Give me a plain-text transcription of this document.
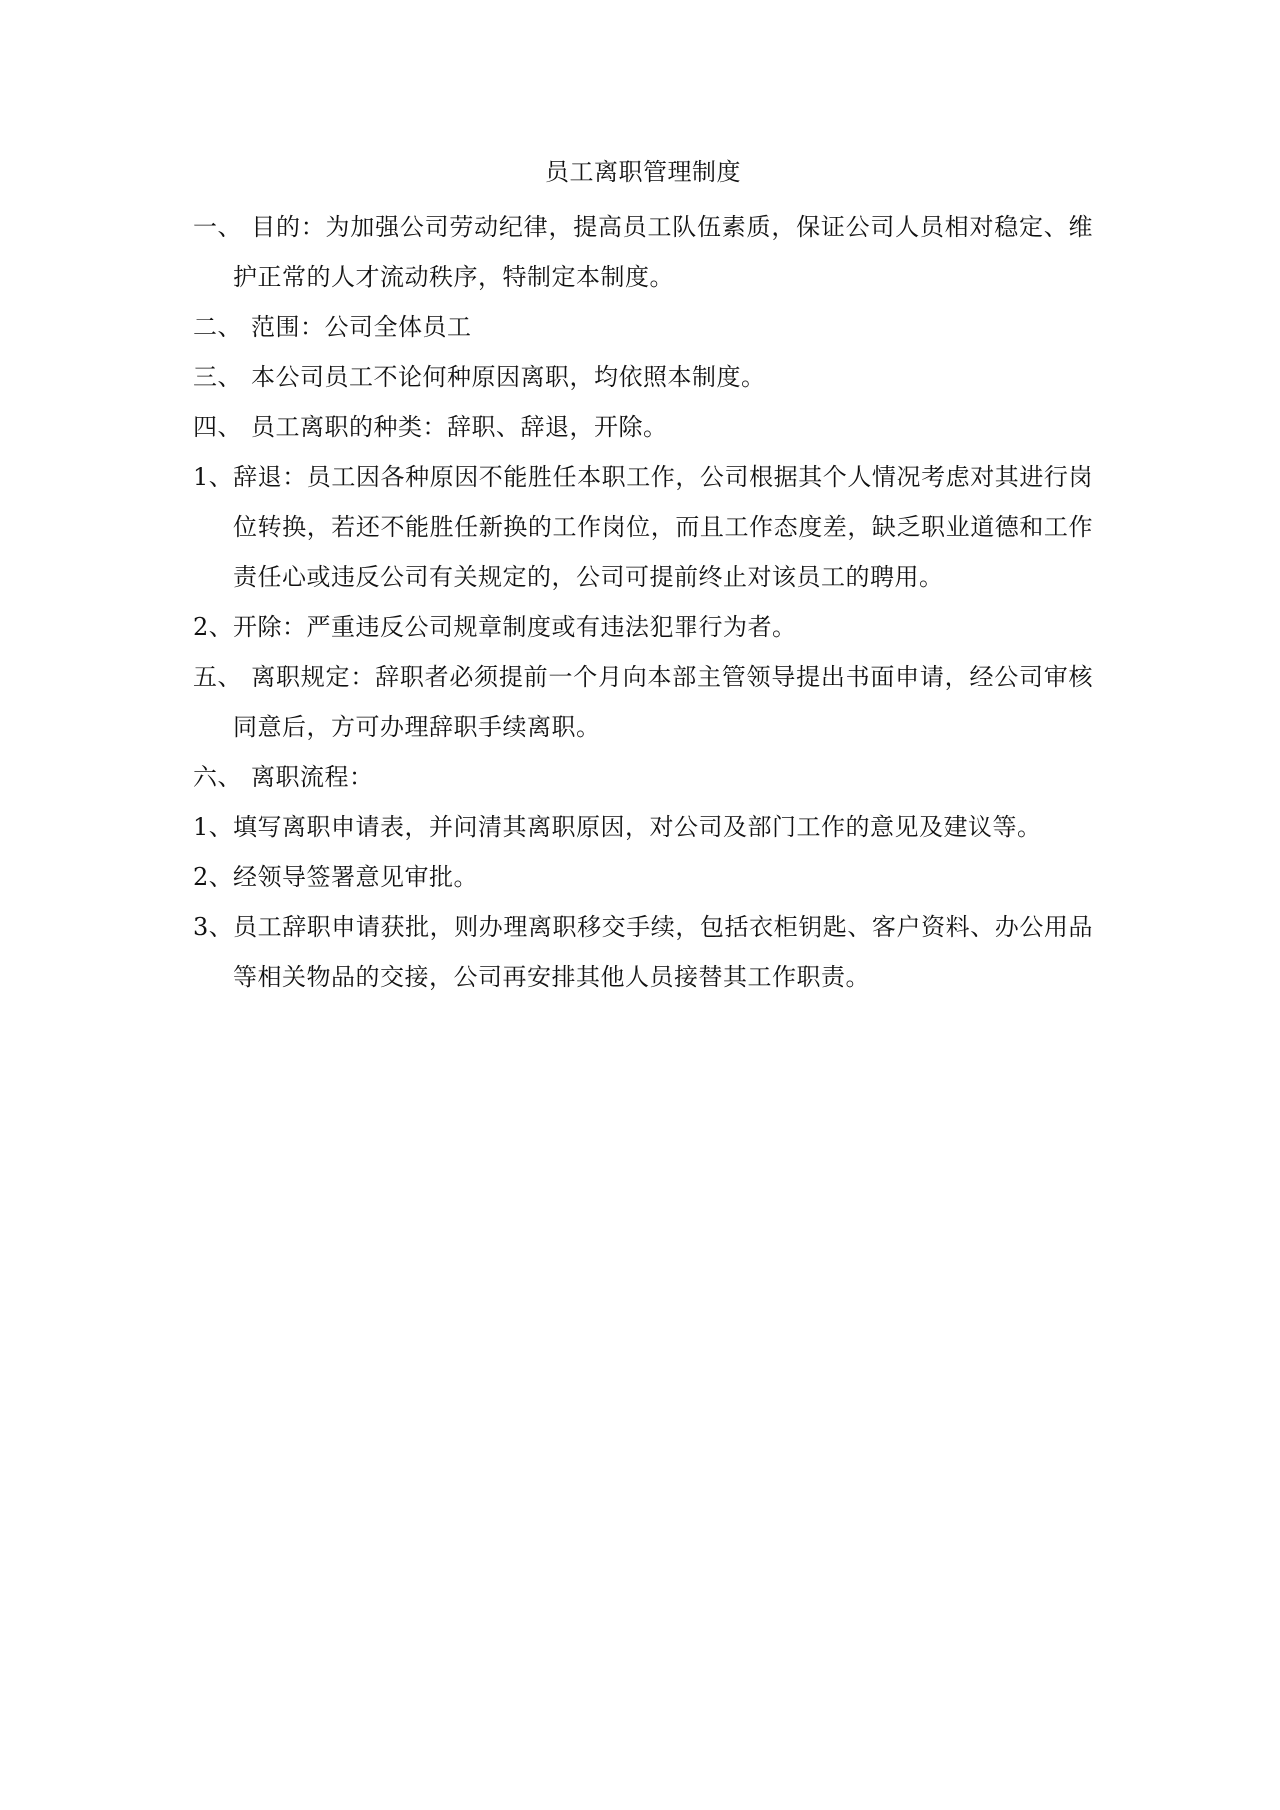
员工离职管理制度

一、 目的：为加强公司劳动纪律，提高员工队伍素质，保证公司人员相对稳定、维护正常的人才流动秩序，特制定本制度。

二、 范围：公司全体员工

三、 本公司员工不论何种原因离职，均依照本制度。

四、 员工离职的种类：辞职、辞退，开除。

1、辞退：员工因各种原因不能胜任本职工作，公司根据其个人情况考虑对其进行岗位转换，若还不能胜任新换的工作岗位，而且工作态度差，缺乏职业道德和工作责任心或违反公司有关规定的，公司可提前终止对该员工的聘用。

2、开除：严重违反公司规章制度或有违法犯罪行为者。

五、 离职规定：辞职者必须提前一个月向本部主管领导提出书面申请，经公司审核同意后，方可办理辞职手续离职。

六、 离职流程：

1、填写离职申请表，并问清其离职原因，对公司及部门工作的意见及建议等。

2、经领导签署意见审批。

3、员工辞职申请获批，则办理离职移交手续，包括衣柜钥匙、客户资料、办公用品等相关物品的交接，公司再安排其他人员接替其工作职责。
